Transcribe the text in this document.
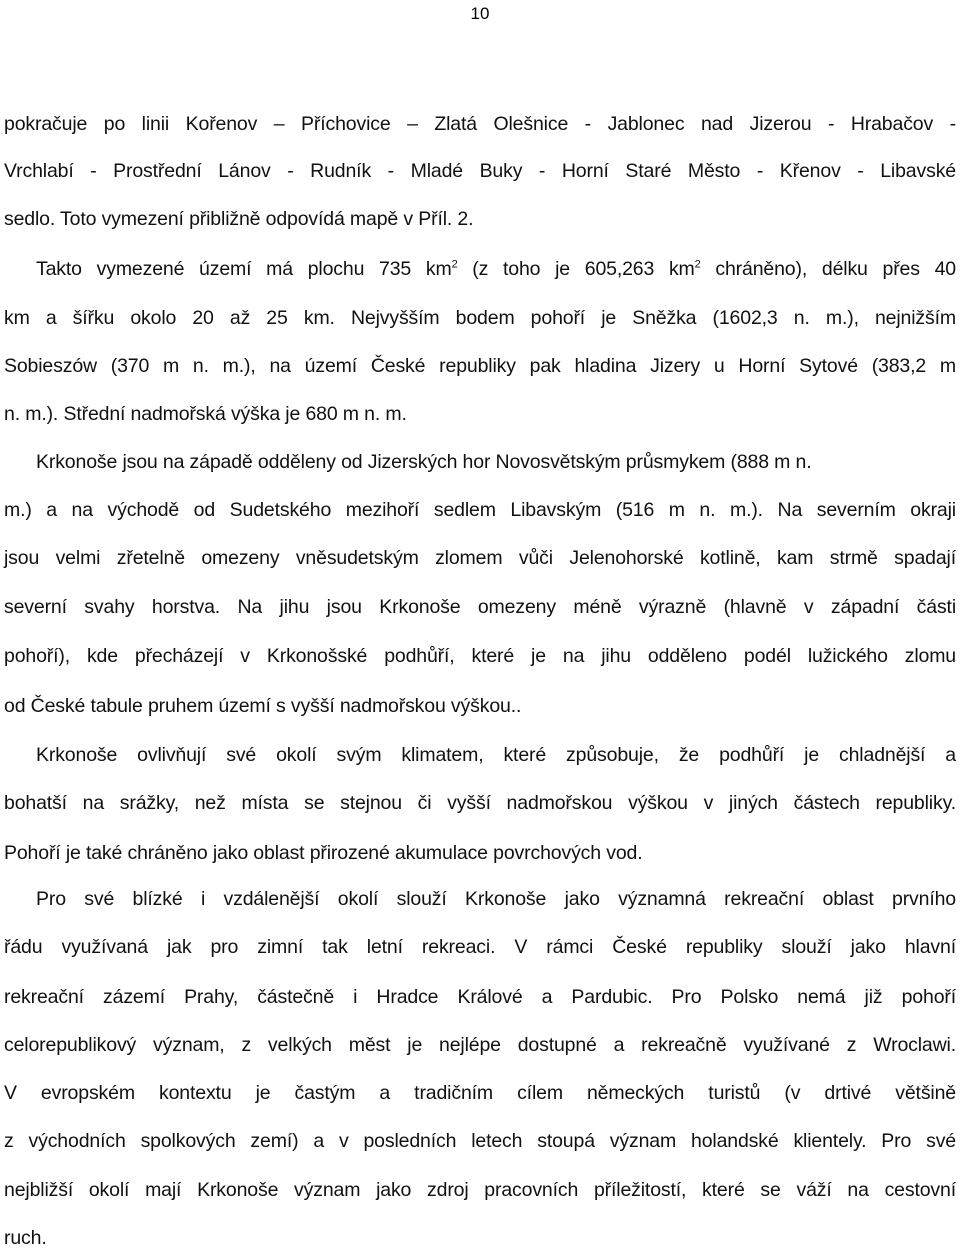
10
pokračuje po linii Kořenov – Příchovice – Zlatá Olešnice - Jablonec nad Jizerou - Hrabačov -
Vrchlabí - Prostřední Lánov - Rudník - Mladé Buky - Horní Staré Město - Křenov - Libavské
sedlo. Toto vymezení přibližně odpovídá mapě v Příl. 2.
Takto vymezené území má plochu 735 $km^2$ (z toho je 605,263 $km^2$ chráněno), délku přes 40
km a šířku okolo 20 až 25 km. Nejvyšším bodem pohoří je Sněžka (1602,3 n. m.), nejnižším
Sobieszów (370 m n. m.), na území České republiky pak hladina Jizery u Horní Sytové (383,2 m
n. m.). Střední nadmořská výška je 680 m n. m.
Krkonoše jsou na západě odděleny od Jizerských hor Novosvětským průsmykem (888 m n.
m.) a na východě od Sudetského mezihoří sedlem Libavským (516 m n. m.). Na severním okraji
jsou velmi zřetelně omezeny vněsudetským zlomem vůči Jelenohorské kotlině, kam strmě spadají
severní svahy horstva. Na jihu jsou Krkonoše omezeny méně výrazně (hlavně v západní části
pohoří), kde přecházejí v Krkonošské podhůří, které je na jihu odděleno podél lužického zlomu
od České tabule pruhem území s vyšší nadmořskou výškou..
Krkonoše ovlivňují své okolí svým klimatem, které způsobuje, že podhůří je chladnější a
bohatší na srážky, než místa se stejnou či vyšší nadmořskou výškou v jiných částech republiky.
Pohoří je také chráněno jako oblast přirozené akumulace povrchových vod.
Pro své blízké i vzdálenější okolí slouží Krkonoše jako významná rekreační oblast prvního
řádu využívaná jak pro zimní tak letní rekreaci. V rámci České republiky slouží jako hlavní
rekreační zázemí Prahy, částečně i Hradce Králové a Pardubic. Pro Polsko nemá již pohoří
celorepublikový význam, z velkých měst je nejlépe dostupné a rekreačně využívané z Wroclawi.
V evropském kontextu je častým a tradičním cílem německých turistů (v drtivé většině
z východních spolkových zemí) a v posledních letech stoupá význam holandské klientely. Pro své
nejbližší okolí mají Krkonoše význam jako zdroj pracovních příležitostí, které se váží na cestovní
ruch.
